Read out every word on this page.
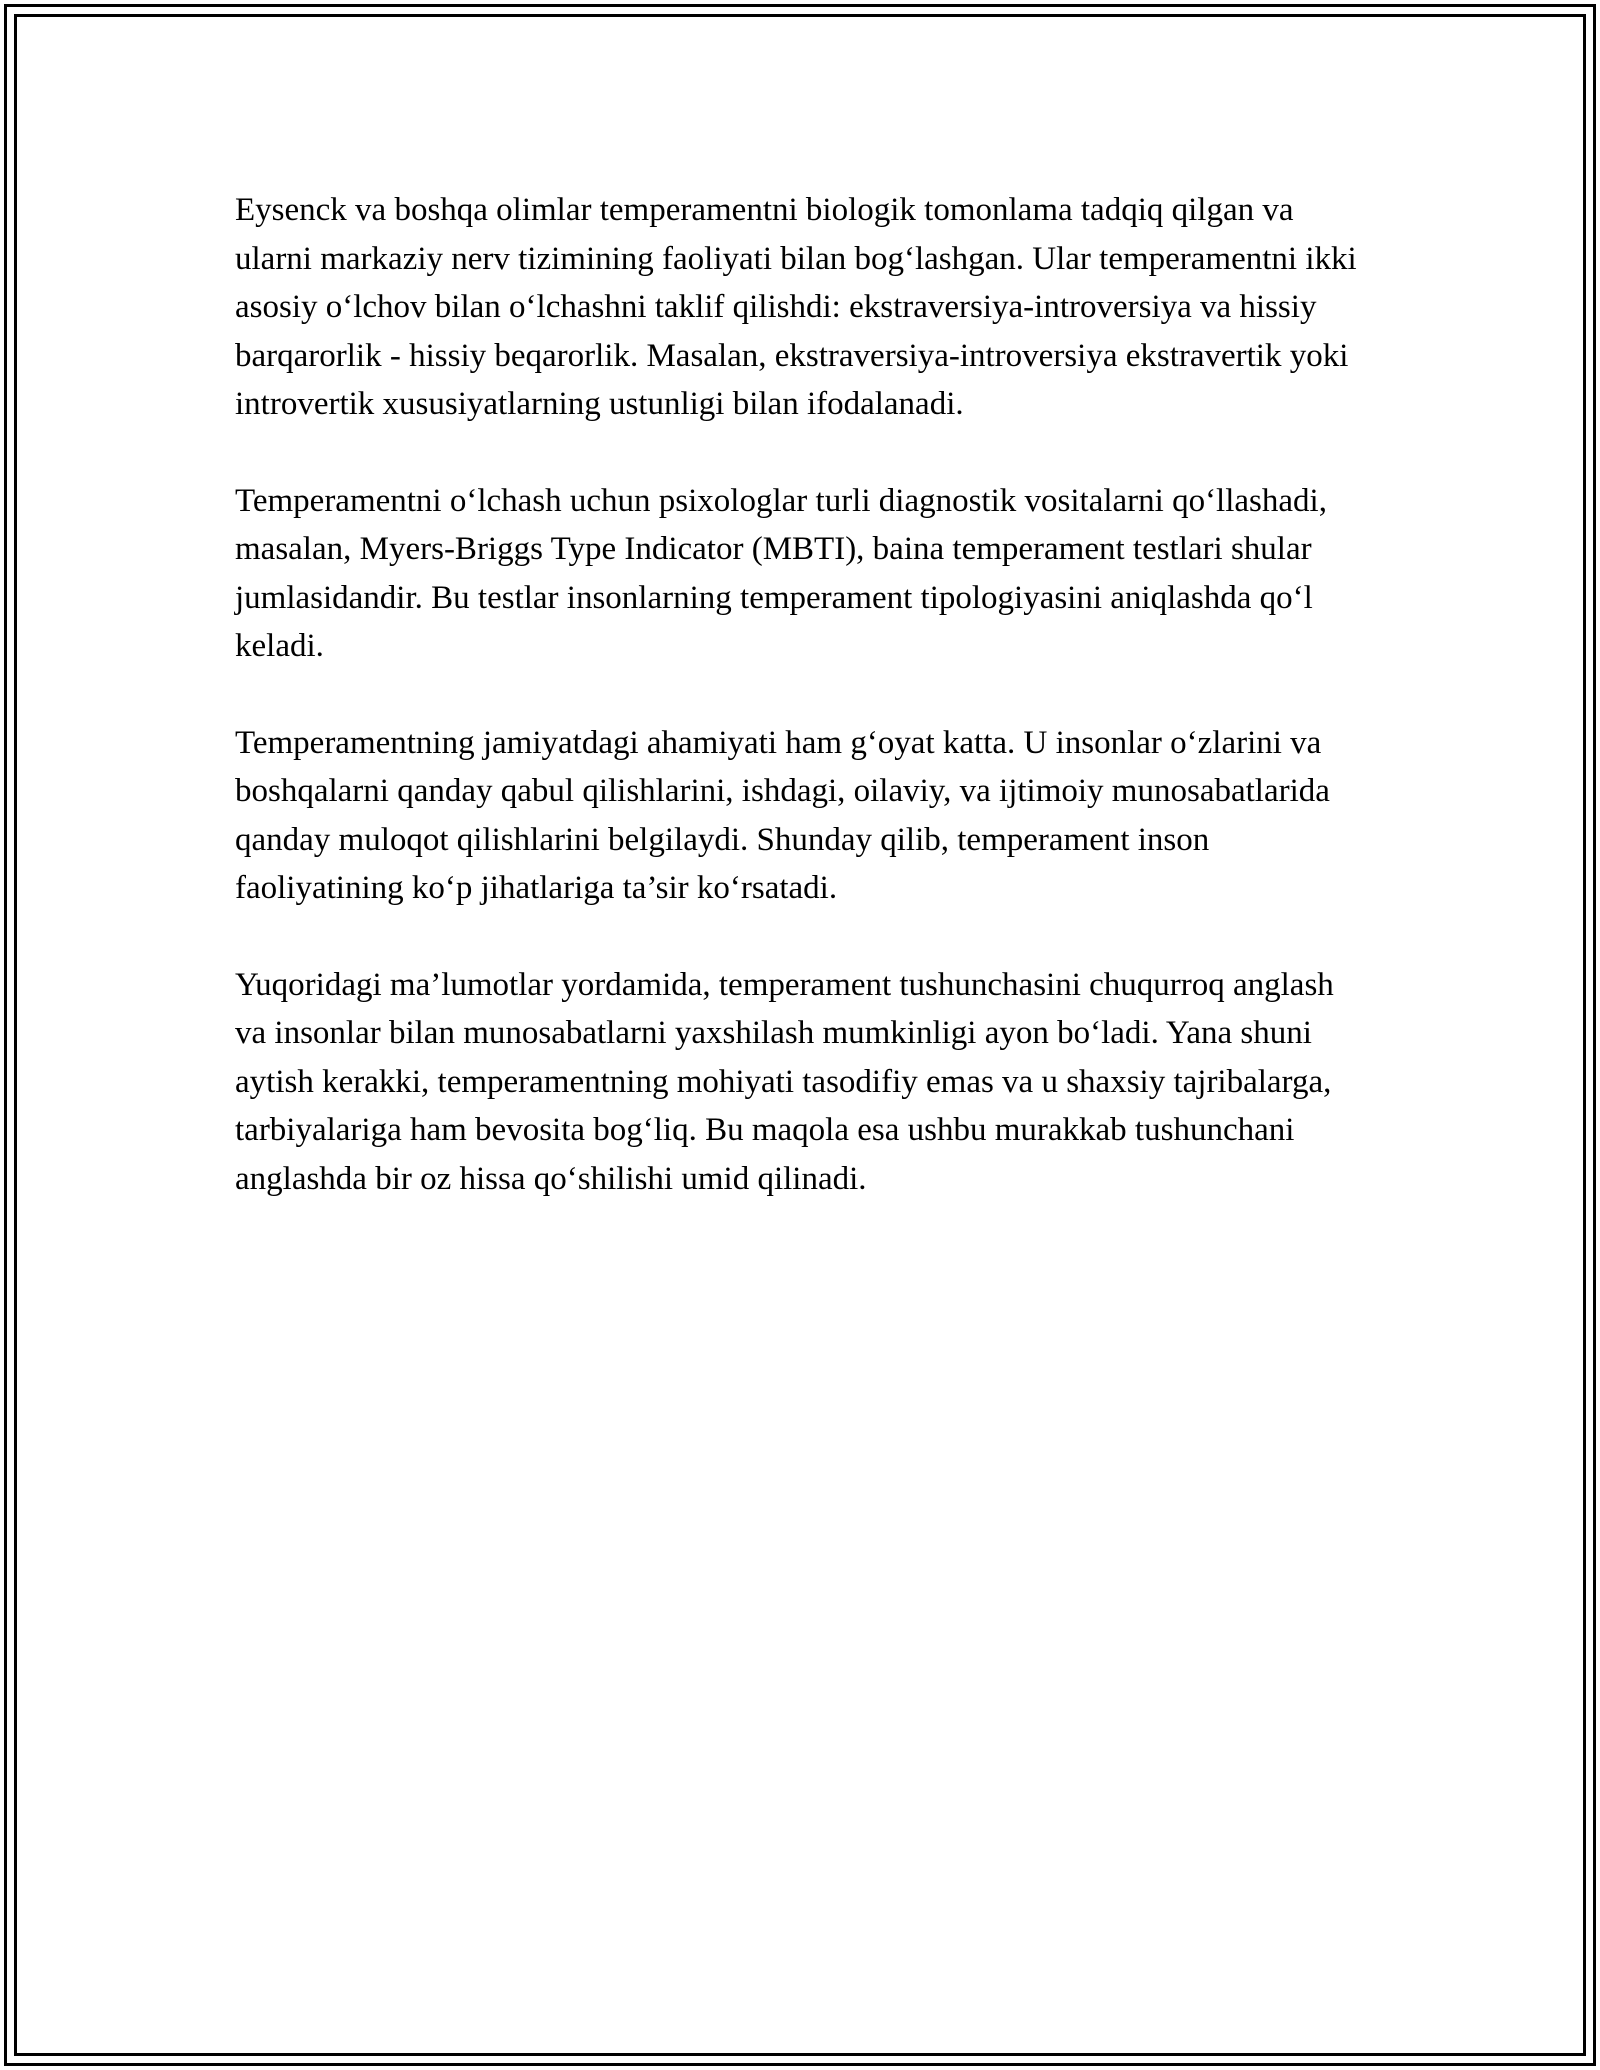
Eysenck va boshqa olimlar temperamentni biologik tomonlama tadqiq qilgan va ularni markaziy nerv tizimining faoliyati bilan bog‘lashgan. Ular temperamentni ikki asosiy o‘lchov bilan o‘lchashni taklif qilishdi: ekstraversiya-introversiya va hissiy barqarorlik - hissiy beqarorlik. Masalan, ekstraversiya-introversiya ekstravertik yoki introvertik xususiyatlarning ustunligi bilan ifodalanadi.

Temperamentni o‘lchash uchun psixologlar turli diagnostik vositalarni qo‘llashadi, masalan, Myers-Briggs Type Indicator (MBTI), baina temperament testlari shular jumlasidandir. Bu testlar insonlarning temperament tipologiyasini aniqlashda qo‘l keladi.

Temperamentning jamiyatdagi ahamiyati ham g‘oyat katta. U insonlar o‘zlarini va boshqalarni qanday qabul qilishlarini, ishdagi, oilaviy, va ijtimoiy munosabatlarida qanday muloqot qilishlarini belgilaydi. Shunday qilib, temperament inson faoliyatining ko‘p jihatlariga ta’sir ko‘rsatadi.

Yuqoridagi ma’lumotlar yordamida, temperament tushunchasini chuqurroq anglash va insonlar bilan munosabatlarni yaxshilash mumkinligi ayon bo‘ladi. Yana shuni aytish kerakki, temperamentning mohiyati tasodifiy emas va u shaxsiy tajribalarga, tarbiyalariga ham bevosita bog‘liq. Bu maqola esa ushbu murakkab tushunchani anglashda bir oz hissa qo‘shilishi umid qilinadi.
